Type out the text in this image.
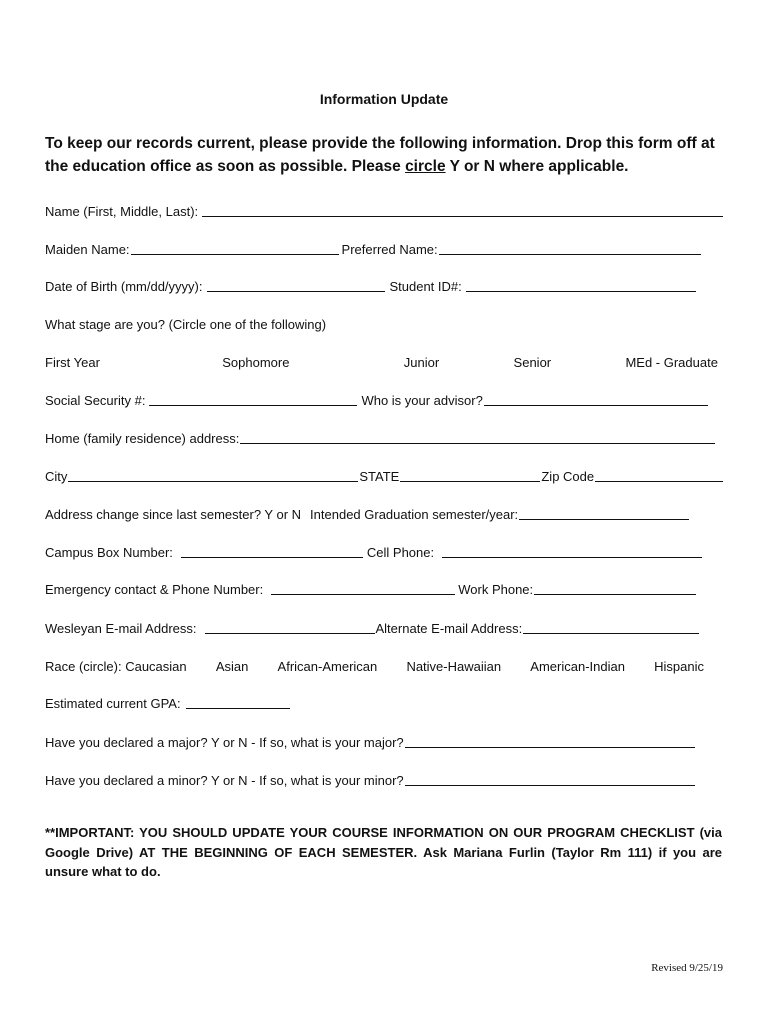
Information Update
To keep our records current, please provide the following information. Drop this form off at the education office as soon as possible. Please circle Y or N where applicable.
Name (First, Middle, Last):
Maiden Name:	Preferred Name:
Date of Birth (mm/dd/yyyy):	Student ID#:
What stage are you? (Circle one of the following)
First Year	Sophomore	Junior	Senior	MEd - Graduate
Social Security #:	Who is your advisor?
Home (family residence) address:
City	STATE	Zip Code
Address change since last semester? Y or N Intended Graduation semester/year:
Campus Box Number:	Cell Phone:
Emergency contact & Phone Number:	Work Phone:
Wesleyan E-mail Address:	Alternate E-mail Address:
Race (circle): Caucasian Asian African-American Native-Hawaiian American-Indian Hispanic
Estimated current GPA:
Have you declared a major? Y or N - If so, what is your major?
Have you declared a minor? Y or N - If so, what is your minor?
**IMPORTANT: YOU SHOULD UPDATE YOUR COURSE INFORMATION ON OUR PROGRAM CHECKLIST (via Google Drive) AT THE BEGINNING OF EACH SEMESTER. Ask Mariana Furlin (Taylor Rm 111) if you are unsure what to do.
Revised 9/25/19
